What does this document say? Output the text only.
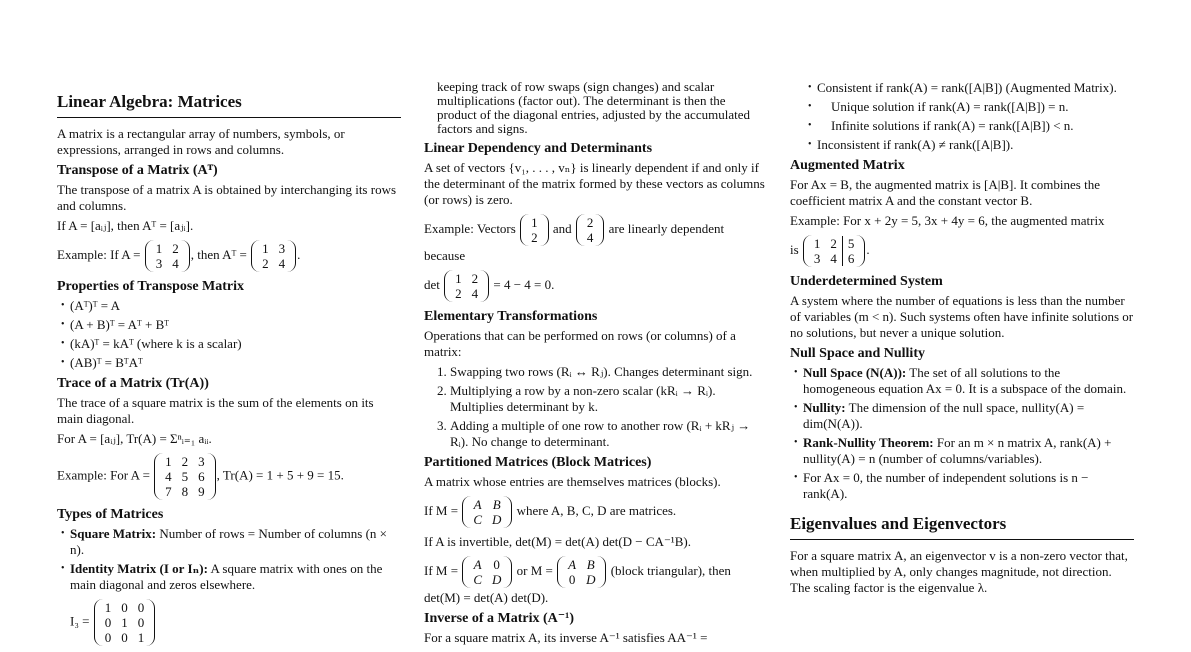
Linear Algebra: Matrices

A matrix is a rectangular array of numbers, symbols, or expressions, arranged in rows and columns.

Transpose of a Matrix (Aᵀ)

The transpose of a matrix A is obtained by interchanging its rows and columns.

If A = [aᵢⱼ], then Aᵀ = [aⱼᵢ].

Example: If A = 1	2
3	4
, then Aᵀ = 1	3
2	4
.
Properties of Transpose Matrix
• (Aᵀ)ᵀ = A
• (A + B)ᵀ = Aᵀ + Bᵀ
• (kA)ᵀ = kAᵀ (where k is a scalar)
• (AB)ᵀ = BᵀAᵀ
Trace of a Matrix (Tr(A))

The trace of a square matrix is the sum of the elements on its main diagonal.

For A = [aᵢⱼ], Tr(A) = Σⁿᵢ₌₁ aᵢᵢ.

Example: For A =
1	2	3
4	5	6
7	8	9
, Tr(A) = 1 + 5 + 9 = 15.
Types of Matrices
• Square Matrix: Number of rows = Number of columns (n × n).
• Identity Matrix (I or Iₙ): A square matrix with ones on the main diagonal and zeros elsewhere.
I₃ =
1	0	0
0	1	0
0	0	1

keeping track of row swaps (sign changes) and scalar multiplications (factor out). The determinant is then the product of the diagonal entries, adjusted by the accumulated factors and signs.

Linear Dependency and Determinants

A set of vectors {v₁, . . . , vₙ} is linearly dependent if and only if the determinant of the matrix formed by these vectors as columns (or rows) is zero.

Example: Vectors 1
2
and 2
4
are linearly dependent because
det 1	2
2	4
= 4 − 4 = 0.
Elementary Transformations

Operations that can be performed on rows (or columns) of a matrix:

1. Swapping two rows (Rᵢ ↔ Rⱼ). Changes determinant sign.
2. Multiplying a row by a non-zero scalar (kRᵢ → Rᵢ). Multiplies determinant by k.
3. Adding a multiple of one row to another row (Rᵢ + kRⱼ → Rᵢ). No change to determinant.
Partitioned Matrices (Block Matrices)

A matrix whose entries are themselves matrices (blocks).

If M = A	B
C	D
where A, B, C, D are matrices.

If A is invertible, det(M) = det(A) det(D − CA⁻¹B).

If M = A	0
C	D
or M = A	B
0	D
(block triangular), then det(M) = det(A) det(D).
Inverse of a Matrix (A⁻¹)

For a square matrix A, its inverse A⁻¹ satisfies AA⁻¹ =

• Consistent if rank(A) = rank([A|B]) (Augmented Matrix).
• Unique solution if rank(A) = rank([A|B]) = n.
• Infinite solutions if rank(A) = rank([A|B]) < n.
• Inconsistent if rank(A) ≠ rank([A|B]).
Augmented Matrix

For Ax = B, the augmented matrix is [A|B]. It combines the coefficient matrix A and the constant vector B.

Example: For x + 2y = 5, 3x + 4y = 6, the augmented matrix

is 1	2	5
3	4	6
.
Underdetermined System

A system where the number of equations is less than the number of variables (m < n). Such systems often have infinite solutions or no solutions, but never a unique solution.

Null Space and Nullity
• Null Space (N(A)): The set of all solutions to the homogeneous equation Ax = 0. It is a subspace of the domain.
• Nullity: The dimension of the null space, nullity(A) = dim(N(A)).
• Rank-Nullity Theorem: For an m × n matrix A, rank(A) + nullity(A) = n (number of columns/variables).
• For Ax = 0, the number of independent solutions is n − rank(A).
Eigenvalues and Eigenvectors

For a square matrix A, an eigenvector v is a non-zero vector that, when multiplied by A, only changes magnitude, not direction. The scaling factor is the eigenvalue λ.
